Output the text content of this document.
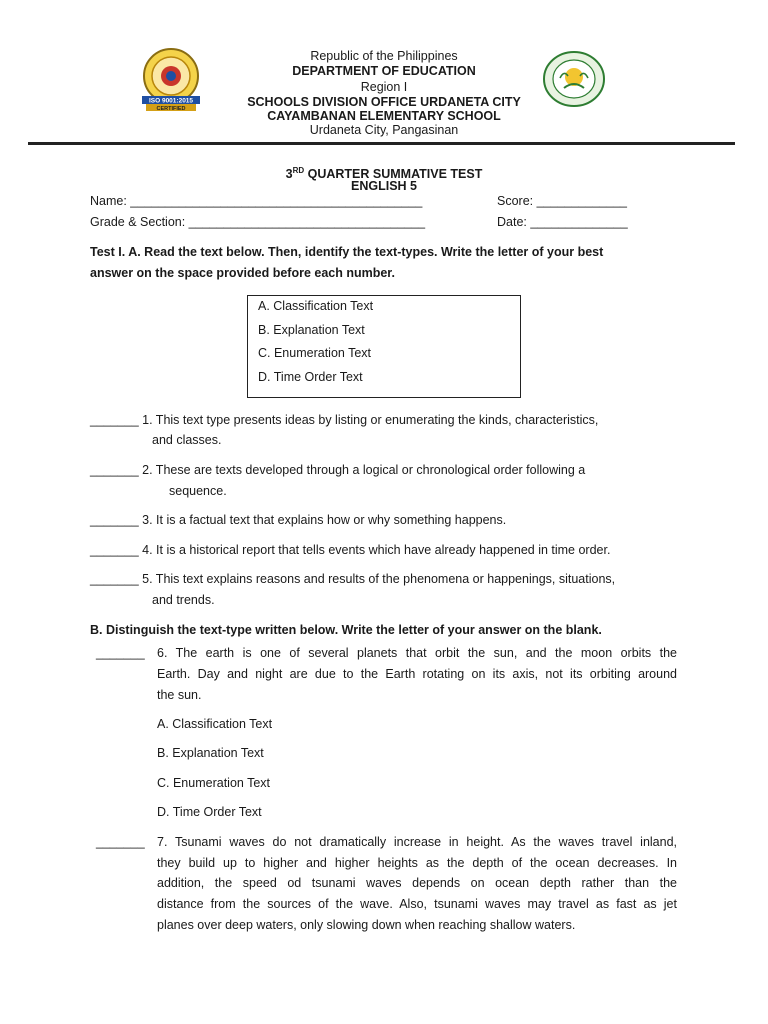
ISO 9001:2015
CERTIFIED
Republic of the Philippines
DEPARTMENT OF EDUCATION
Region I
SCHOOLS DIVISION OFFICE URDANETA CITY
CAYAMBANAN ELEMENTARY SCHOOL
Urdaneta City, Pangasinan
3RD QUARTER SUMMATIVE TEST
ENGLISH 5
Name: __________________________________________	Score: _____________
Grade & Section: __________________________________	Date: ______________
Test I. A. Read the text below. Then, identify the text-types. Write the letter of your best
answer on the space provided before each number.
A. Classification Text
B. Explanation Text
C. Enumeration Text
D. Time Order Text
_______ 1. This text type presents ideas by listing or enumerating the kinds, characteristics,
and classes.
_______ 2. These are texts developed through a logical or chronological order following a
sequence.
_______ 3. It is a factual text that explains how or why something happens.
_______ 4. It is a historical report that tells events which have already happened in time order.
_______ 5. This text explains reasons and results of the phenomena or happenings, situations,
and trends.
B. Distinguish the text-type written below. Write the letter of your answer on the blank.
_______ 6. The earth is one of several planets that orbit the sun, and the moon orbits the
Earth. Day and night are due to the Earth rotating on its axis, not its orbiting around
the sun.
A. Classification Text
B. Explanation Text
C. Enumeration Text
D. Time Order Text
_______ 7. Tsunami waves do not dramatically increase in height. As the waves travel inland,
they build up to higher and higher heights as the depth of the ocean decreases. In
addition, the speed od tsunami waves depends on ocean depth rather than the
distance from the sources of the wave. Also, tsunami waves may travel as fast as jet
planes over deep waters, only slowing down when reaching shallow waters.
